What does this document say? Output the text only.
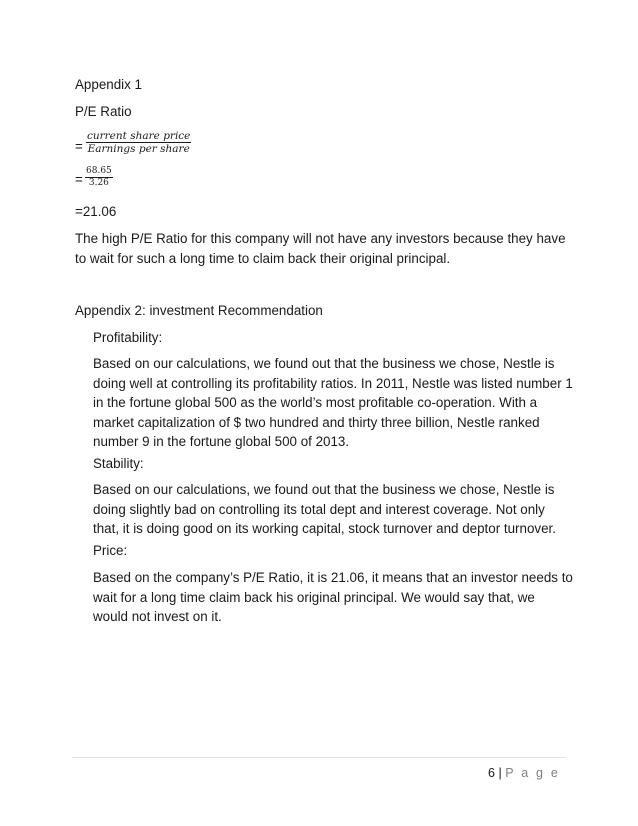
Appendix 1

P/E Ratio

=
current share price
Earnings per share
= $\frac{68.65}{3.26}$

=21.06

The high P/E Ratio for this company will not have any investors because they have to wait for such a long time to claim back their original principal.

Appendix 2: investment Recommendation

Profitability:

Based on our calculations, we found out that the business we chose, Nestle is doing well at controlling its profitability ratios. In 2011, Nestle was listed number 1 in the fortune global 500 as the world’s most profitable co-operation. With a market capitalization of $ two hundred and thirty three billion, Nestle ranked number 9 in the fortune global 500 of 2013.

Stability:

Based on our calculations, we found out that the business we chose, Nestle is doing slightly bad on controlling its total dept and interest coverage. Not only that, it is doing good on its working capital, stock turnover and deptor turnover.

Price:

Based on the company’s P/E Ratio, it is 21.06, it means that an investor needs to wait for a long time claim back his original principal. We would say that, we would not invest on it.

6 | P a g e
